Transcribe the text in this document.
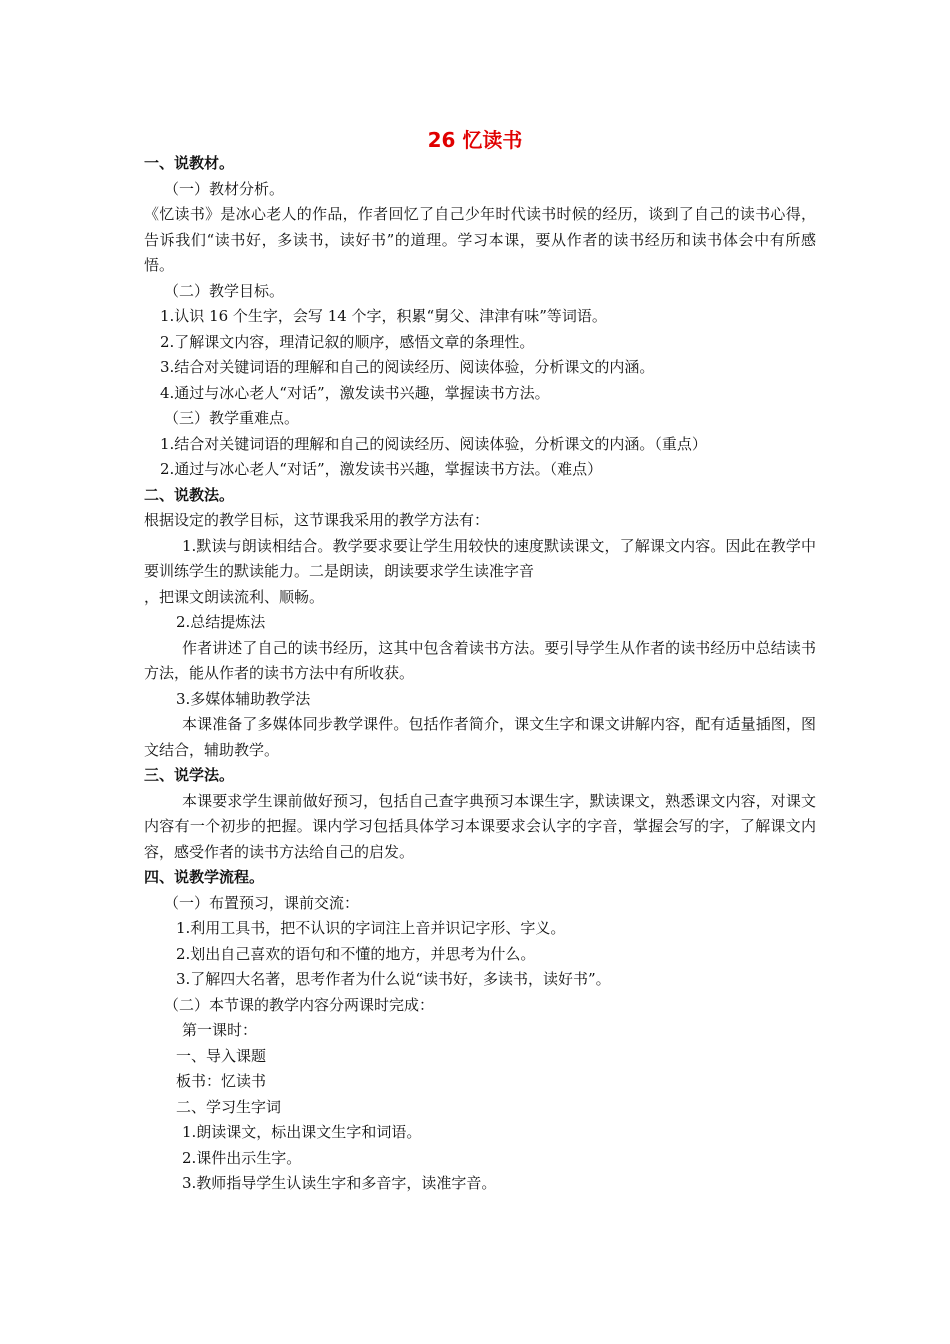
26 忆读书
一、说教材。
（一）教材分析。
《忆读书》是冰心老人的作品，作者回忆了自己少年时代读书时候的经历，谈到了自己的读书心得，告诉我们“读书好，多读书，读好书”的道理。学习本课，要从作者的读书经历和读书体会中有所感悟。
（二）教学目标。
1.认识 16 个生字，会写 14 个字，积累“舅父、津津有味”等词语。
2.了解课文内容，理清记叙的顺序，感悟文章的条理性。
3.结合对关键词语的理解和自己的阅读经历、阅读体验，分析课文的内涵。
4.通过与冰心老人“对话”，激发读书兴趣，掌握读书方法。
（三）教学重难点。
1.结合对关键词语的理解和自己的阅读经历、阅读体验，分析课文的内涵。（重点）
2.通过与冰心老人“对话”，激发读书兴趣，掌握读书方法。（难点）
二、说教法。
根据设定的教学目标，这节课我采用的教学方法有：
1.默读与朗读相结合。教学要求要让学生用较快的速度默读课文，了解课文内容。因此在教学中要训练学生的默读能力。二是朗读，朗读要求学生读准字音
，把课文朗读流利、顺畅。
2.总结提炼法
作者讲述了自己的读书经历，这其中包含着读书方法。要引导学生从作者的读书经历中总结读书方法，能从作者的读书方法中有所收获。
3.多媒体辅助教学法
本课准备了多媒体同步教学课件。包括作者简介，课文生字和课文讲解内容，配有适量插图，图文结合，辅助教学。
三、说学法。
本课要求学生课前做好预习，包括自己查字典预习本课生字，默读课文，熟悉课文内容，对课文内容有一个初步的把握。课内学习包括具体学习本课要求会认字的字音，掌握会写的字，了解课文内容，感受作者的读书方法给自己的启发。
四、说教学流程。
（一）布置预习，课前交流：
1.利用工具书，把不认识的字词注上音并识记字形、字义。
2.划出自己喜欢的语句和不懂的地方，并思考为什么。
3.了解四大名著，思考作者为什么说“读书好，多读书，读好书”。
（二）本节课的教学内容分两课时完成：
第一课时：
一、导入课题
板书：忆读书
二、学习生字词
1.朗读课文，标出课文生字和词语。
2.课件出示生字。
3.教师指导学生认读生字和多音字，读准字音。
